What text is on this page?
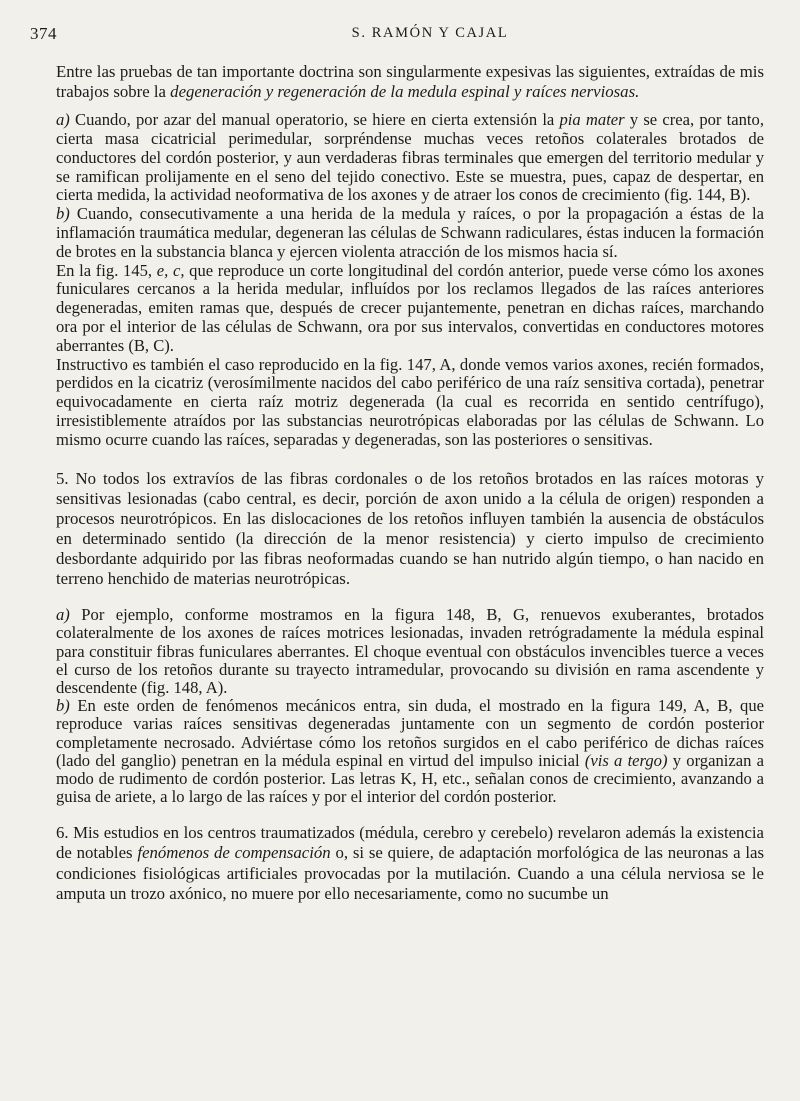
374	S. RAMÓN Y CAJAL

Entre las pruebas de tan importante doctrina son singularmente expesivas las siguientes, extraídas de mis trabajos sobre la degeneración y regeneración de la medula espinal y raíces nerviosas.

a) Cuando, por azar del manual operatorio, se hiere en cierta extensión la pia mater y se crea, por tanto, cierta masa cicatricial perimedular, sorpréndense muchas veces retoños colaterales brotados de conductores del cordón posterior, y aun verdaderas fibras terminales que emergen del territorio medular y se ramifican prolijamente en el seno del tejido conectivo. Este se muestra, pues, capaz de despertar, en cierta medida, la actividad neoformativa de los axones y de atraer los conos de crecimiento (fig. 144, B).

b) Cuando, consecutivamente a una herida de la medula y raíces, o por la propagación a éstas de la inflamación traumática medular, degeneran las células de Schwann radiculares, éstas inducen la formación de brotes en la substancia blanca y ejercen violenta atracción de los mismos hacia sí.

En la fig. 145, e, c, que reproduce un corte longitudinal del cordón anterior, puede verse cómo los axones funiculares cercanos a la herida medular, influídos por los reclamos llegados de las raíces anteriores degeneradas, emiten ramas que, después de crecer pujantemente, penetran en dichas raíces, marchando ora por el interior de las células de Schwann, ora por sus intervalos, convertidas en conductores motores aberrantes (B, C).

Instructivo es también el caso reproducido en la fig. 147, A, donde vemos varios axones, recién formados, perdidos en la cicatriz (verosímilmente nacidos del cabo periférico de una raíz sensitiva cortada), penetrar equivocadamente en cierta raíz motriz degenerada (la cual es recorrida en sentido centrífugo), irresistiblemente atraídos por las substancias neurotrópicas elaboradas por las células de Schwann. Lo mismo ocurre cuando las raíces, separadas y degeneradas, son las posteriores o sensitivas.

5. No todos los extravíos de las fibras cordonales o de los retoños brotados en las raíces motoras y sensitivas lesionadas (cabo central, es decir, porción de axon unido a la célula de origen) responden a procesos neurotrópicos. En las dislocaciones de los retoños influyen también la ausencia de obstáculos en determinado sentido (la dirección de la menor resistencia) y cierto impulso de crecimiento desbordante adquirido por las fibras neoformadas cuando se han nutrido algún tiempo, o han nacido en terreno henchido de materias neurotrópicas.

a) Por ejemplo, conforme mostramos en la figura 148, B, G, renuevos exuberantes, brotados colateralmente de los axones de raíces motrices lesionadas, invaden retrógradamente la médula espinal para constituir fibras funiculares aberrantes. El choque eventual con obstáculos invencibles tuerce a veces el curso de los retoños durante su trayecto intramedular, provocando su división en rama ascendente y descendente (fig. 148, A).

b) En este orden de fenómenos mecánicos entra, sin duda, el mostrado en la figura 149, A, B, que reproduce varias raíces sensitivas degeneradas juntamente con un segmento de cordón posterior completamente necrosado. Adviértase cómo los retoños surgidos en el cabo periférico de dichas raíces (lado del ganglio) penetran en la médula espinal en virtud del impulso inicial (vis a tergo) y organizan a modo de rudimento de cordón posterior. Las letras K, H, etc., señalan conos de crecimiento, avanzando a guisa de ariete, a lo largo de las raíces y por el interior del cordón posterior.

6. Mis estudios en los centros traumatizados (médula, cerebro y cerebelo) revelaron además la existencia de notables fenómenos de compensación o, si se quiere, de adaptación morfológica de las neuronas a las condiciones fisiológicas artificiales provocadas por la mutilación. Cuando a una célula nerviosa se le amputa un trozo axónico, no muere por ello necesariamente, como no sucumbe un
